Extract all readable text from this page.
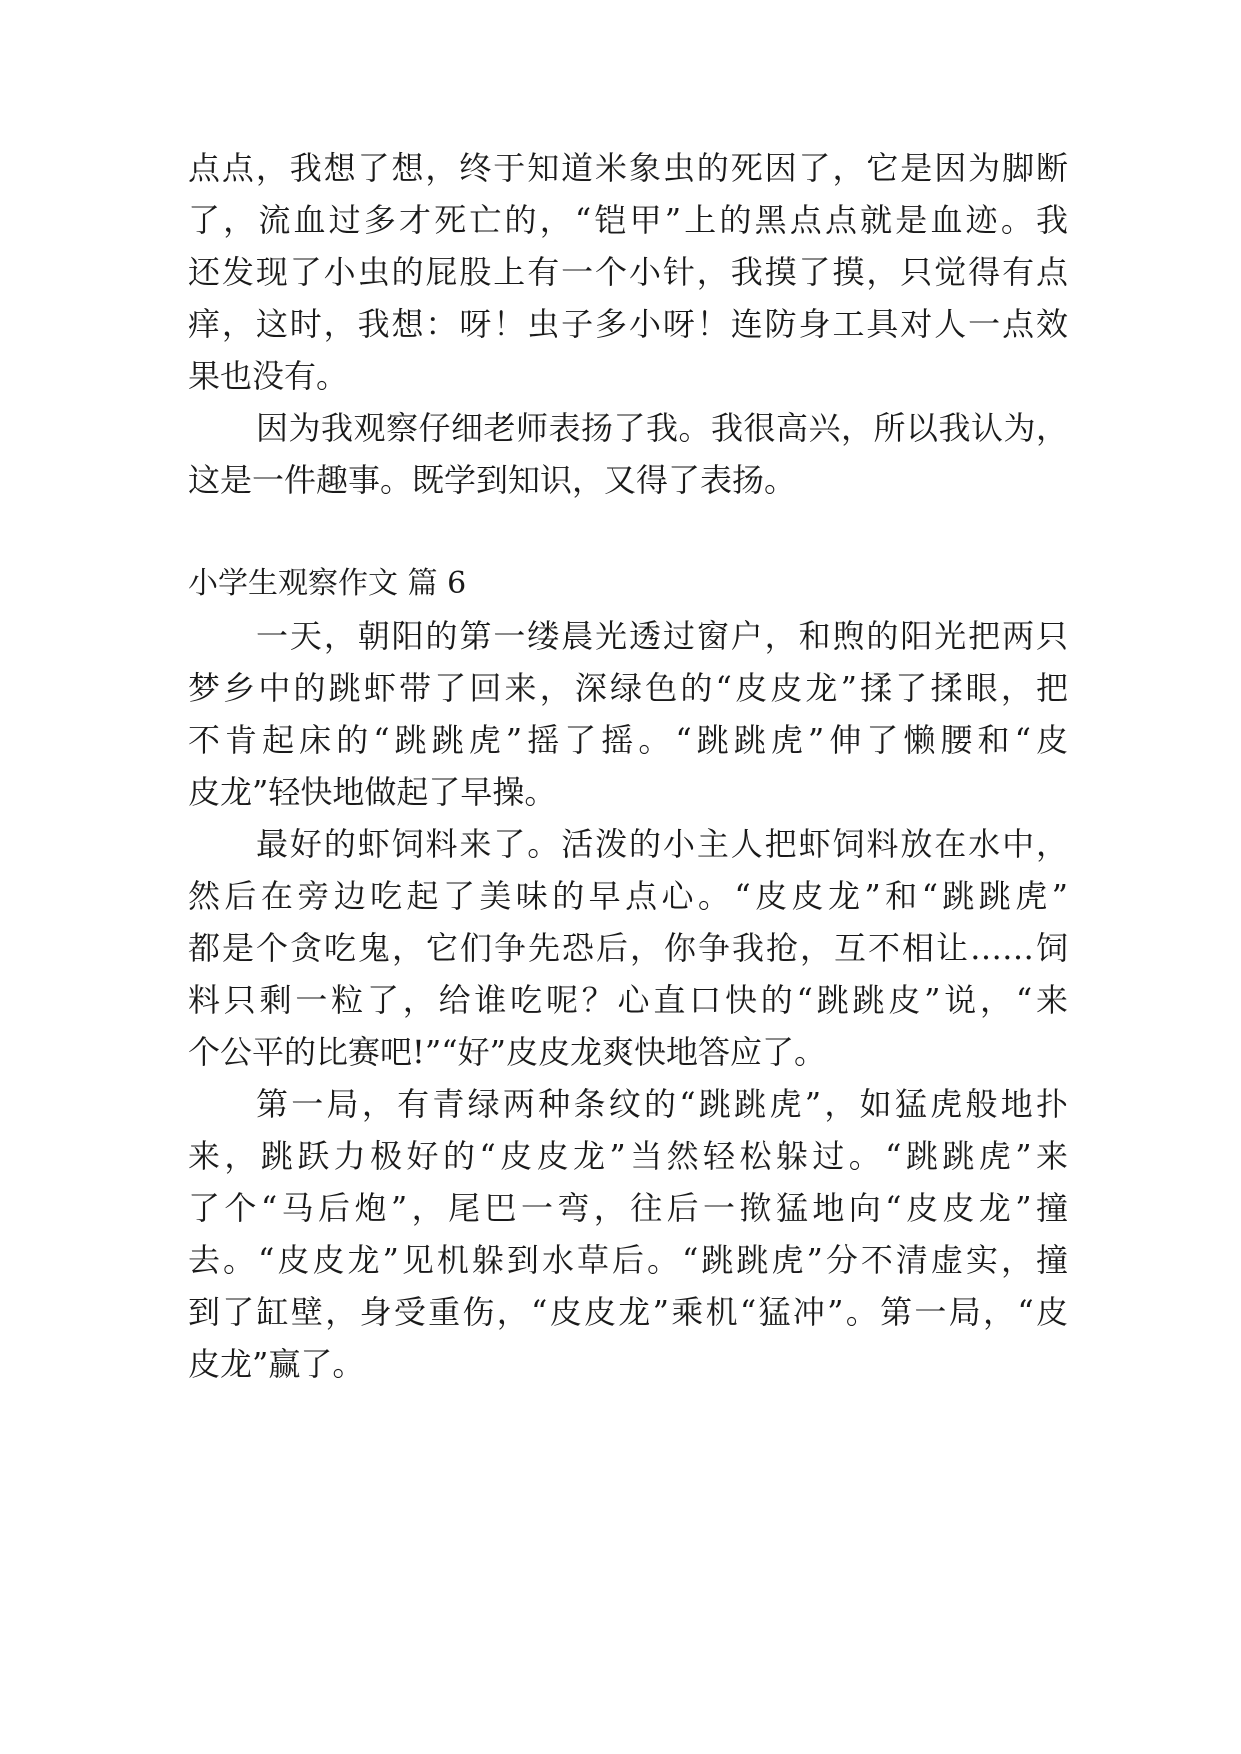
点点，我想了想，终于知道米象虫的死因了，它是因为脚断
了，流血过多才死亡的，“铠甲”上的黑点点就是血迹。我
还发现了小虫的屁股上有一个小针，我摸了摸，只觉得有点
痒，这时，我想：呀！虫子多小呀！连防身工具对人一点效
果也没有。
因为我观察仔细老师表扬了我。我很高兴，所以我认为，
这是一件趣事。既学到知识，又得了表扬。
小学生观察作文 篇 6
一天，朝阳的第一缕晨光透过窗户，和煦的阳光把两只
梦乡中的跳虾带了回来，深绿色的“皮皮龙”揉了揉眼，把
不肯起床的“跳跳虎”摇了摇。“跳跳虎”伸了懒腰和“皮
皮龙”轻快地做起了早操。
最好的虾饲料来了。活泼的小主人把虾饲料放在水中，
然后在旁边吃起了美味的早点心。“皮皮龙”和“跳跳虎”
都是个贪吃鬼，它们争先恐后，你争我抢，互不相让……饲
料只剩一粒了，给谁吃呢？心直口快的“跳跳皮”说，“来
个公平的比赛吧!”“好”皮皮龙爽快地答应了。
第一局，有青绿两种条纹的“跳跳虎”，如猛虎般地扑
来，跳跃力极好的“皮皮龙”当然轻松躲过。“跳跳虎”来
了个“马后炮”，尾巴一弯，往后一揿猛地向“皮皮龙”撞
去。“皮皮龙”见机躲到水草后。“跳跳虎”分不清虚实，撞
到了缸壁，身受重伤，“皮皮龙”乘机“猛冲”。第一局，“皮
皮龙”赢了。
